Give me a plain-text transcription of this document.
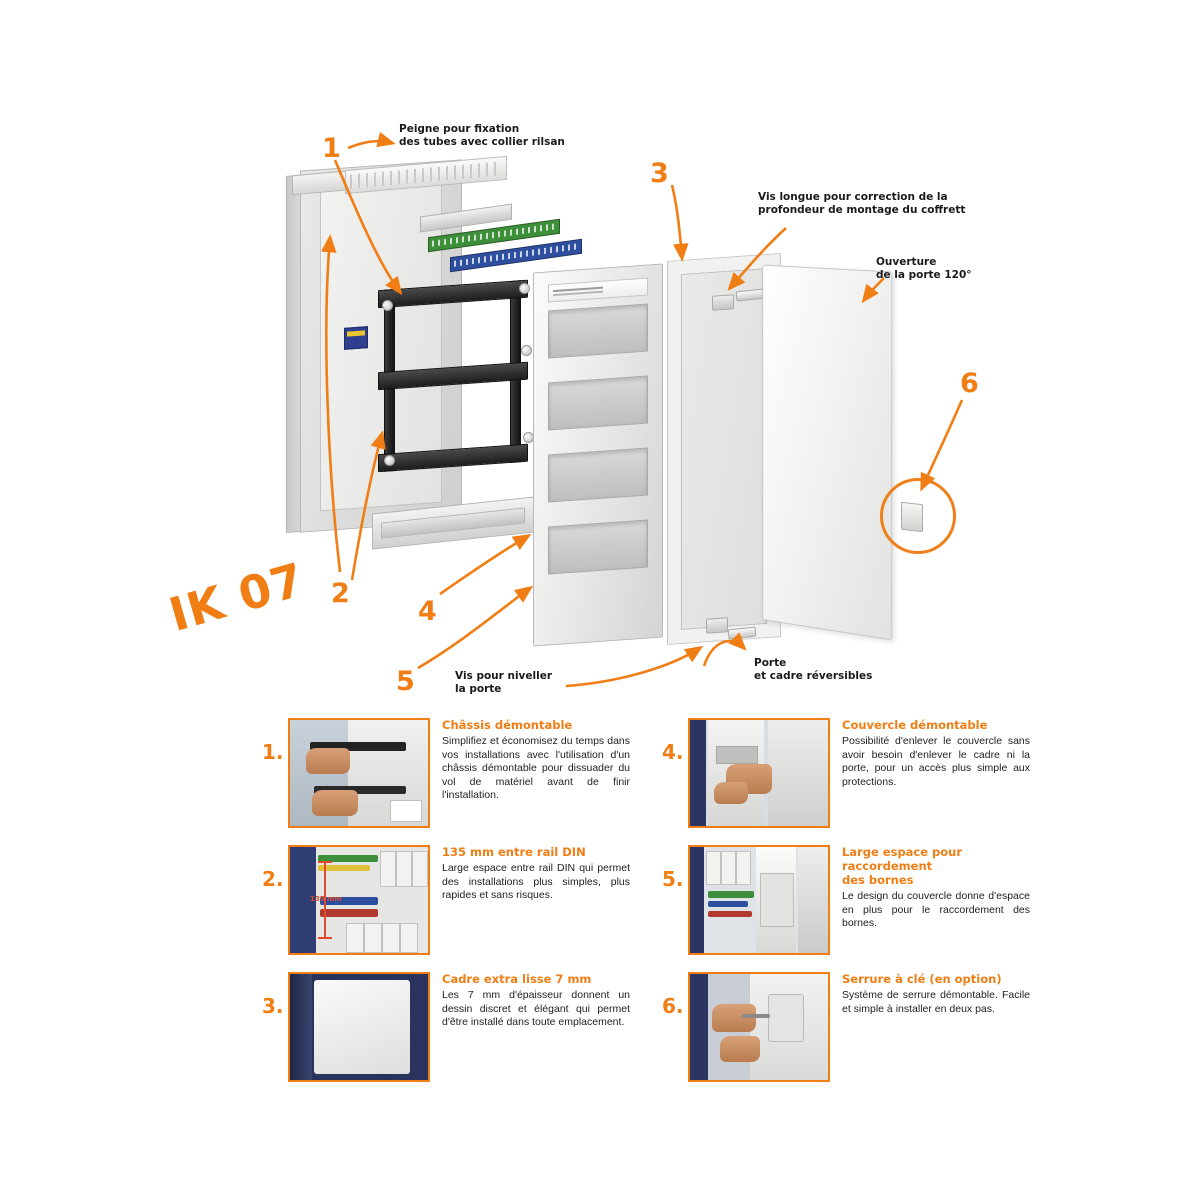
1
2
3
4
5
6
Peigne pour fixation
des tubes avec collier rilsan
Vis longue pour correction de la
profondeur de montage du coffrett
Ouverture
de la porte 120°
Vis pour niveller
la porte
Porte
et cadre réversibles
IK 07
1.
Châssis démontable
Simplifiez et économisez du temps dans vos installations avec l'utilisation d'un châssis démontable pour dissuader du vol de matériel avant de finir l'installation.
2.
135 mm
135 mm entre rail DIN
Large espace entre rail DIN qui permet des installations plus simples, plus rapides et sans risques.
3.
Cadre extra lisse 7 mm
Les 7 mm d'épaisseur donnent un dessin discret et élégant qui permet d'être installé dans toute emplacement.
4.
Couvercle démontable
Possibilité d'enlever le couvercle sans avoir besoin d'enlever le cadre ni la porte, pour un accès plus simple aux protections.
5.
Large espace pour raccordement
des bornes
Le design du couvercle donne d'espace en plus pour le raccordement des bornes.
6.
Serrure à clé (en option)
Système de serrure démontable. Facile et simple à installer en deux pas.
